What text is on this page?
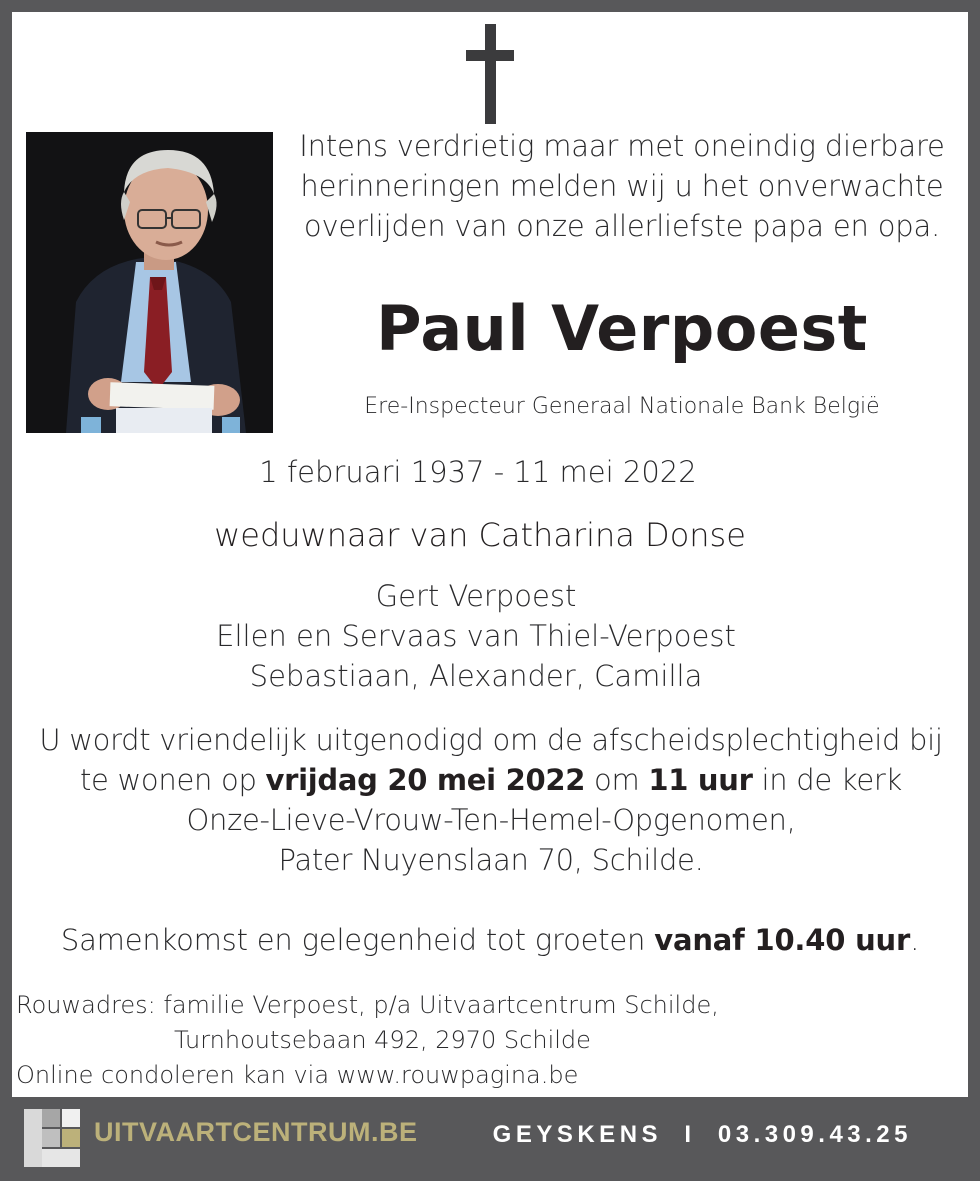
Intens verdrietig maar met oneindig dierbare
herinneringen melden wij u het onverwachte
overlijden van onze allerliefste papa en opa.
Paul Verpoest
Ere-Inspecteur Generaal Nationale Bank België
1 februari 1937 - 11 mei 2022
weduwnaar van Catharina Donse
Gert Verpoest
Ellen en Servaas van Thiel-Verpoest
Sebastiaan, Alexander, Camilla
U wordt vriendelijk uitgenodigd om de afscheidsplechtigheid bij
te wonen op vrijdag 20 mei 2022 om 11 uur in de kerk
Onze-Lieve-Vrouw-Ten-Hemel-Opgenomen,
Pater Nuyenslaan 70, Schilde.
Samenkomst en gelegenheid tot groeten vanaf 10.40 uur.
Rouwadres: familie Verpoest, p/a Uitvaartcentrum Schilde,
Turnhoutsebaan 492, 2970 Schilde
Online condoleren kan via www.rouwpagina.be
UITVAARTCENTRUM.BE	GEYSKENS  I  03.309.43.25
